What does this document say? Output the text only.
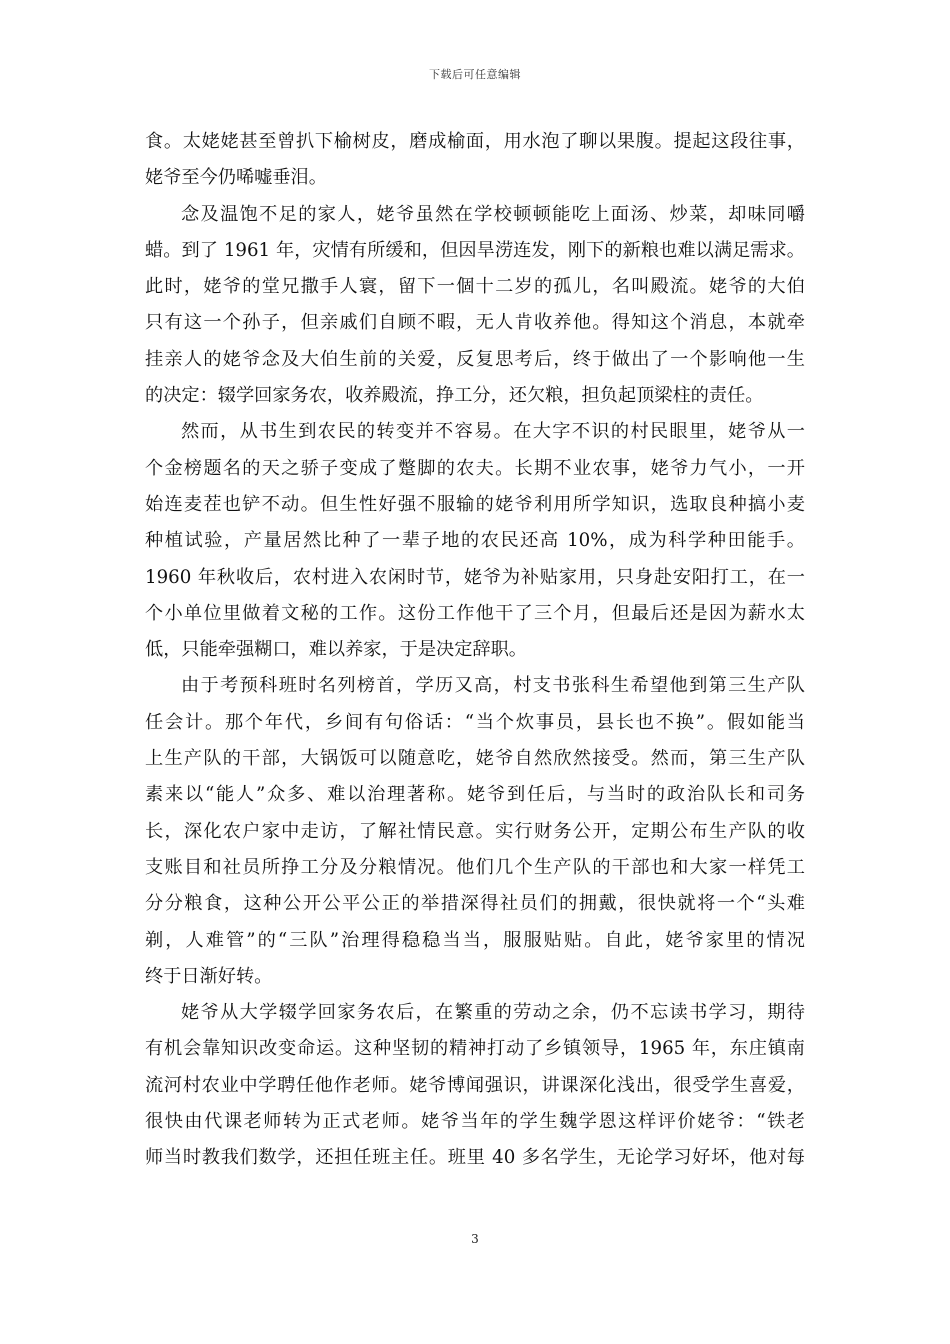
下载后可任意编辑
食。太姥姥甚至曾扒下榆树皮，磨成榆面，用水泡了聊以果腹。提起这段往事，
姥爷至今仍唏嘘垂泪。
念及温饱不足的家人，姥爷虽然在学校顿顿能吃上面汤、炒菜，却味同嚼
蜡。到了 1961 年，灾情有所缓和，但因旱涝连发，刚下的新粮也难以满足需求。
此时，姥爷的堂兄撒手人寰，留下一個十二岁的孤儿，名叫殿流。姥爷的大伯
只有这一个孙子，但亲戚们自顾不暇，无人肯收养他。得知这个消息，本就牵
挂亲人的姥爷念及大伯生前的关爱，反复思考后，终于做出了一个影响他一生
的决定：辍学回家务农，收养殿流，挣工分，还欠粮，担负起顶梁柱的责任。
然而，从书生到农民的转变并不容易。在大字不识的村民眼里，姥爷从一
个金榜题名的天之骄子变成了蹩脚的农夫。长期不业农事，姥爷力气小，一开
始连麦茬也铲不动。但生性好强不服输的姥爷利用所学知识，选取良种搞小麦
种植试验，产量居然比种了一辈子地的农民还高 10%，成为科学种田能手。
1960 年秋收后，农村进入农闲时节，姥爷为补贴家用，只身赴安阳打工，在一
个小单位里做着文秘的工作。这份工作他干了三个月，但最后还是因为薪水太
低，只能牵强糊口，难以养家，于是决定辞职。
由于考预科班时名列榜首，学历又高，村支书张科生希望他到第三生产队
任会计。那个年代，乡间有句俗话：“当个炊事员，县长也不换”。假如能当
上生产队的干部，大锅饭可以随意吃，姥爷自然欣然接受。然而，第三生产队
素来以“能人”众多、难以治理著称。姥爷到任后，与当时的政治队长和司务
长，深化农户家中走访，了解社情民意。实行财务公开，定期公布生产队的收
支账目和社员所挣工分及分粮情况。他们几个生产队的干部也和大家一样凭工
分分粮食，这种公开公平公正的举措深得社员们的拥戴，很快就将一个“头难
剃，人难管”的“三队”治理得稳稳当当，服服贴贴。自此，姥爷家里的情况
终于日渐好转。
姥爷从大学辍学回家务农后，在繁重的劳动之余，仍不忘读书学习，期待
有机会靠知识改变命运。这种坚韧的精神打动了乡镇领导，1965 年，东庄镇南
流河村农业中学聘任他作老师。姥爷博闻强识，讲课深化浅出，很受学生喜爱，
很快由代课老师转为正式老师。姥爷当年的学生魏学恩这样评价姥爷：“铁老
师当时教我们数学，还担任班主任。班里 40 多名学生，无论学习好坏，他对每
3
